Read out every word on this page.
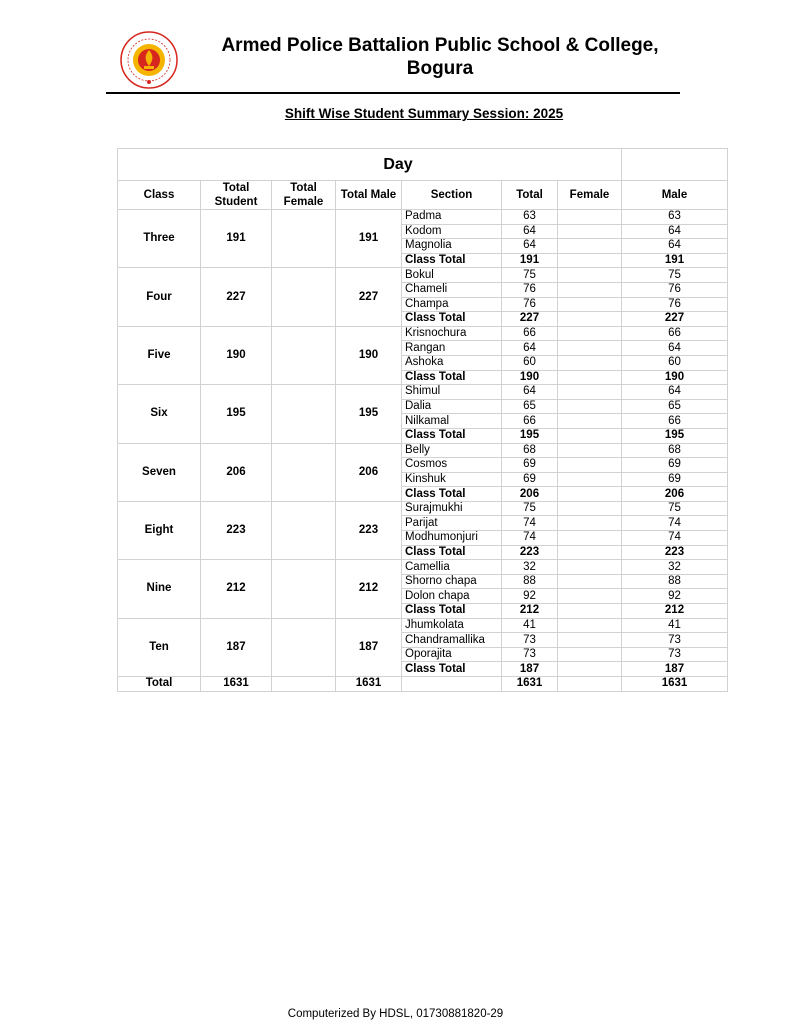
Armed Police Battalion Public School & College,
Bogura
Shift Wise Student Summary Session: 2025
Day							
Class	Total Student	Total Female	Total Male	Section	Total	Female	Male
Three	191		191	Padma	63		63
				Kodom	64		64
				Magnolia	64		64
				Class Total	191		191
Four	227		227	Bokul	75		75
				Chameli	76		76
				Champa	76		76
				Class Total	227		227
Five	190		190	Krisnochura	66		66
				Rangan	64		64
				Ashoka	60		60
				Class Total	190		190
Six	195		195	Shimul	64		64
				Dalia	65		65
				Nilkamal	66		66
				Class Total	195		195
Seven	206		206	Belly	68		68
				Cosmos	69		69
				Kinshuk	69		69
				Class Total	206		206
Eight	223		223	Surajmukhi	75		75
				Parijat	74		74
				Modhumonjuri	74		74
				Class Total	223		223
Nine	212		212	Camellia	32		32
				Shorno chapa	88		88
				Dolon chapa	92		92
				Class Total	212		212
Ten	187		187	Jhumkolata	41		41
				Chandramallika	73		73
				Oporajita	73		73
				Class Total	187		187
Total	1631		1631		1631		1631
Computerized By HDSL, 01730881820-29
